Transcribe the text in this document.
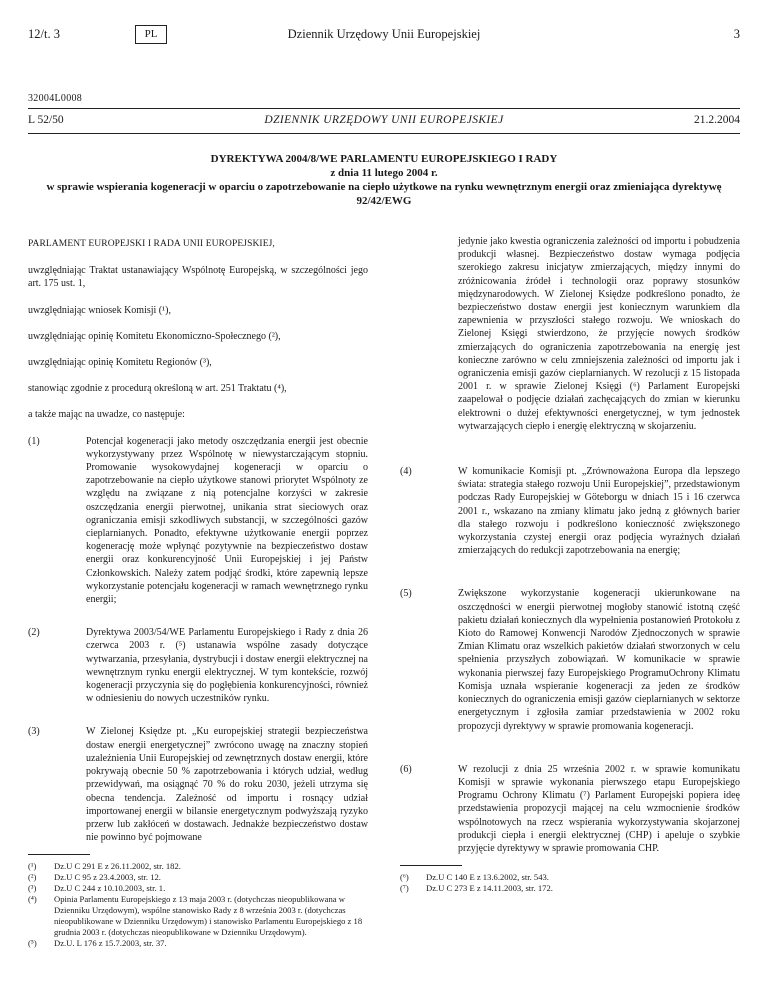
12/t. 3	PL	Dziennik Urzędowy Unii Europejskiej	3
32004L0008
L 52/50	DZIENNIK URZĘDOWY UNII EUROPEJSKIEJ	21.2.2004
DYREKTYWA 2004/8/WE PARLAMENTU EUROPEJSKIEGO I RADY
z dnia 11 lutego 2004 r.
w sprawie wspierania kogeneracji w oparciu o zapotrzebowanie na ciepło użytkowe na rynku wewnętrznym energii oraz zmieniająca dyrektywę 92/42/EWG

PARLAMENT EUROPEJSKI I RADA UNII EUROPEJSKIEJ,

uwzględniając Traktat ustanawiający Wspólnotę Europejską, w szczególności jego art. 175 ust. 1,

uwzględniając wniosek Komisji (¹),

uwzględniając opinię Komitetu Ekonomiczno-Społecznego (²),

uwzględniając opinię Komitetu Regionów (³),

stanowiąc zgodnie z procedurą określoną w art. 251 Traktatu (⁴),

a także mając na uwadze, co następuje:

(1)	Potencjał kogeneracji jako metody oszczędzania energii jest obecnie wykorzystywany przez Wspólnotę w niewystarczającym stopniu. Promowanie wysokowydajnej kogeneracji w oparciu o zapotrzebowanie na ciepło użytkowe stanowi priorytet Wspólnoty ze względu na związane z nią potencjalne korzyści w zakresie oszczędzania energii pierwotnej, unikania strat sieciowych oraz ograniczania emisji szkodliwych substancji, w szczególności gazów cieplarnianych. Ponadto, efektywne użytkowanie energii poprzez kogenerację może wpłynąć pozytywnie na bezpieczeństwo dostaw energii oraz konkurencyjność Unii Europejskiej i jej Państw Członkowskich. Należy zatem podjąć środki, które zapewnią lepsze wykorzystanie potencjału kogeneracji w ramach wewnętrznego rynku energii;
(2)	Dyrektywa 2003/54/WE Parlamentu Europejskiego i Rady z dnia 26 czerwca 2003 r. (⁵) ustanawia wspólne zasady dotyczące wytwarzania, przesyłania, dystrybucji i dostaw energii elektrycznej na wewnętrznym rynku energii elektrycznej. W tym kontekście, rozwój kogeneracji przyczynia się do pogłębienia konkurencyjności, również w odniesieniu do nowych uczestników rynku.
(3)	W Zielonej Księdze pt. „Ku europejskiej strategii bezpieczeństwa dostaw energii energetycznej” zwrócono uwagę na znaczny stopień uzależnienia Unii Europejskiej od zewnętrznych dostaw energii, które pokrywają obecnie 50 % zapotrzebowania i których udział, według przewidywań, ma osiągnąć 70 % do roku 2030, jeżeli utrzyma się obecna tendencja. Zależność od importu i rosnący udział importowanej energii w bilansie energetycznym podwyższają ryzyko przerw lub zakłóceń w dostawach. Jednakże bezpieczeństwo dostaw nie powinno być pojmowane
(¹) Dz.U C 291 E z 26.11.2002, str. 182.
(²) Dz.U C 95 z 23.4.2003, str. 12.
(³) Dz.U C 244 z 10.10.2003, str. 1.
(⁴) Opinia Parlamentu Europejskiego z 13 maja 2003 r. (dotychczas nieopublikowana w Dzienniku Urzędowym), wspólne stanowisko Rady z 8 września 2003 r. (dotychczas nieopublikowane w Dzienniku Urzędowym) i stanowisko Parlamentu Europejskiego z 18 grudnia 2003 r. (dotychczas nieopublikowane w Dzienniku Urzędowym).
(⁵) Dz.U. L 176 z 15.7.2003, str. 37.
jedynie jako kwestia ograniczenia zależności od importu i pobudzenia produkcji własnej. Bezpieczeństwo dostaw wymaga podjęcia szerokiego zakresu inicjatyw zmierzających, między innymi do zróżnicowania źródeł i technologii oraz poprawy stosunków międzynarodowych. W Zielonej Księdze podkreślono ponadto, że bezpieczeństwo dostaw energii jest koniecznym warunkiem dla zapewnienia w przyszłości stałego rozwoju. We wnioskach do Zielonej Księgi stwierdzono, że przyjęcie nowych środków zmierzających do ograniczenia zapotrzebowania na energię jest konieczne zarówno w celu zmniejszenia zależności od importu jak i ograniczenia emisji gazów cieplarnianych. W rezolucji z 15 listopada 2001 r. w sprawie Zielonej Księgi (⁶) Parlament Europejski zaapelował o podjęcie działań zachęcających do zmian w kierunku elektrowni o dużej efektywności energetycznej, w tym jednostek wytwarzających ciepło i energię elektryczną w skojarzeniu.
(4)	W komunikacie Komisji pt. „Zrównoważona Europa dla lepszego świata: strategia stałego rozwoju Unii Europejskiej”, przedstawionym podczas Rady Europejskiej w Göteborgu w dniach 15 i 16 czerwca 2001 r., wskazano na zmiany klimatu jako jedną z głównych barier dla stałego rozwoju i podkreślono konieczność zwiększonego wykorzystania czystej energii oraz podjęcia wyraźnych działań zmierzających do redukcji zapotrzebowania na energię;
(5)	Zwiększone wykorzystanie kogeneracji ukierunkowane na oszczędności w energii pierwotnej mogłoby stanowić istotną część pakietu działań koniecznych dla wypełnienia postanowień Protokołu z Kioto do Ramowej Konwencji Narodów Zjednoczonych w sprawie Zmian Klimatu oraz wszelkich pakietów działań stworzonych w celu spełnienia przyszłych zobowiązań. W komunikacie w sprawie wykonania pierwszej fazy Europejskiego ProgramuOchrony Klimatu Komisja uznała wspieranie kogeneracji za jeden ze środków koniecznych do ograniczenia emisji gazów cieplarnianych w sektorze energetycznym i zgłosiła zamiar przedstawienia w 2002 roku propozycji dyrektywy w sprawie promowania kogeneracji.
(6)	W rezolucji z dnia 25 września 2002 r. w sprawie komunikatu Komisji w sprawie wykonania pierwszego etapu Europejskiego Programu Ochrony Klimatu (⁷) Parlament Europejski popiera ideę przedstawienia propozycji mającej na celu wzmocnienie środków wspólnotowych na rzecz wspierania wykorzystywania skojarzonej produkcji ciepła i energii elektrycznej (CHP) i apeluje o szybkie przyjęcie dyrektywy w sprawie promowania CHP.
(⁶) Dz.U C 140 E z 13.6.2002, str. 543.
(⁷) Dz.U C 273 E z 14.11.2003, str. 172.
